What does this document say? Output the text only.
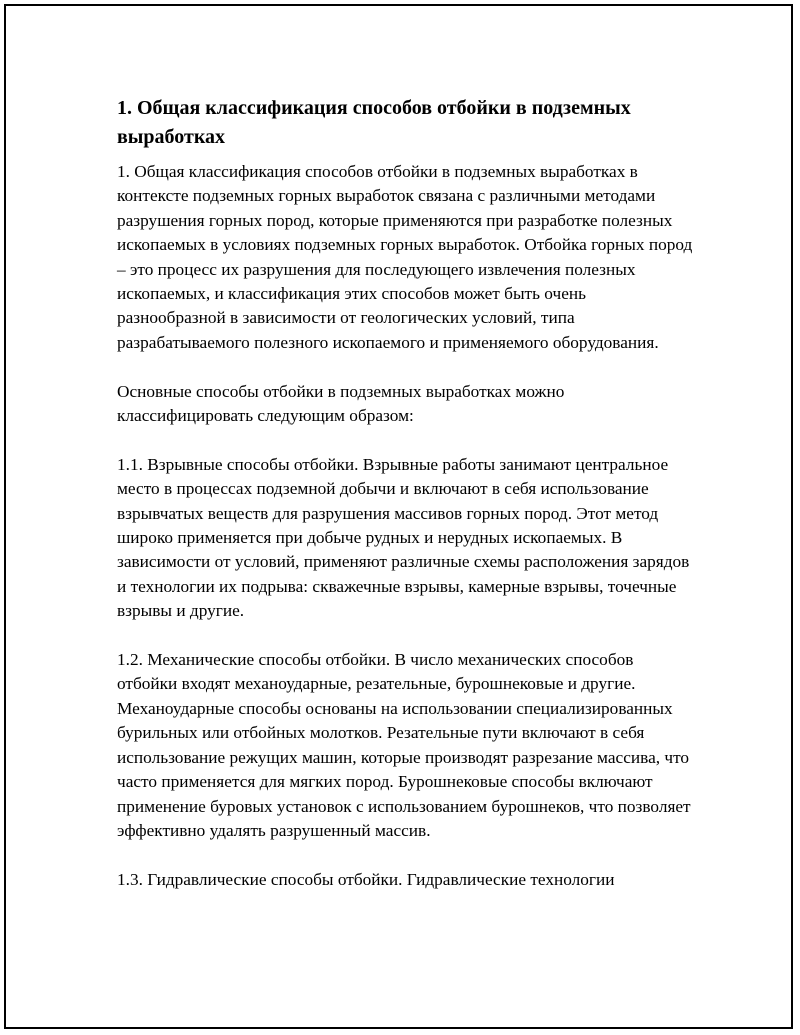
1. Общая классификация способов отбойки в подземных выработках

1. Общая классификация способов отбойки в подземных выработках в контексте подземных горных выработок связана с различными методами разрушения горных пород, которые применяются при разработке полезных ископаемых в условиях подземных горных выработок. Отбойка горных пород – это процесс их разрушения для последующего извлечения полезных ископаемых, и классификация этих способов может быть очень разнообразной в зависимости от геологических условий, типа разрабатываемого полезного ископаемого и применяемого оборудования.

Основные способы отбойки в подземных выработках можно классифицировать следующим образом:

1.1. Взрывные способы отбойки. Взрывные работы занимают центральное место в процессах подземной добычи и включают в себя использование взрывчатых веществ для разрушения массивов горных пород. Этот метод широко применяется при добыче рудных и нерудных ископаемых. В зависимости от условий, применяют различные схемы расположения зарядов и технологии их подрыва: скважечные взрывы, камерные взрывы, точечные взрывы и другие.

1.2. Механические способы отбойки. В число механических способов отбойки входят механоударные, резательные, бурошнековые и другие. Механоударные способы основаны на использовании специализированных бурильных или отбойных молотков. Резательные пути включают в себя использование режущих машин, которые производят разрезание массива, что часто применяется для мягких пород. Бурошнековые способы включают применение буровых установок с использованием бурошнеков, что позволяет эффективно удалять разрушенный массив.

1.3. Гидравлические способы отбойки. Гидравлические технологии
